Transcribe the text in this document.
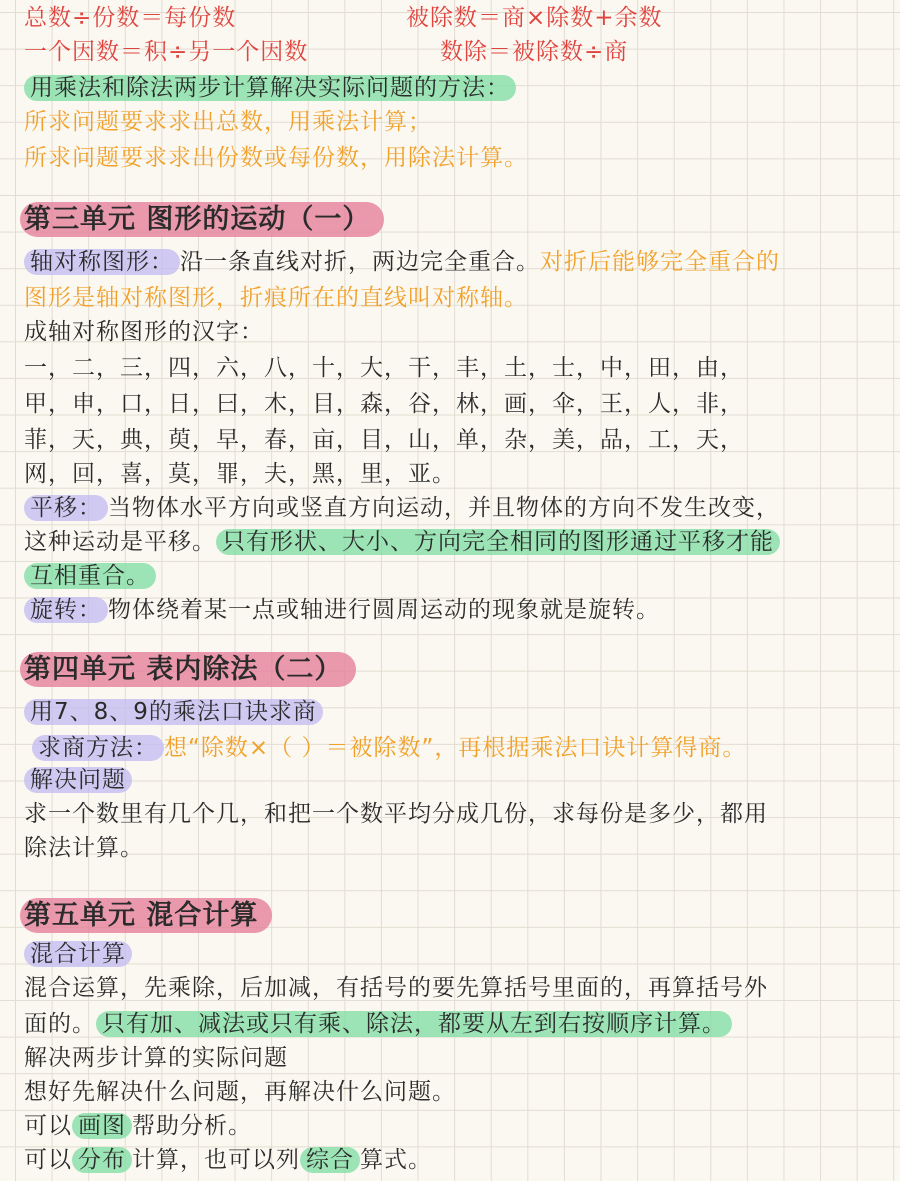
总数÷份数＝每份数	被除数＝商×除数+余数
一个因数＝积÷另一个因数	数除＝被除数÷商
用乘法和除法两步计算解决实际问题的方法：
所求问题要求求出总数，用乘法计算；
所求问题要求求出份数或每份数，用除法计算。
第三单元 图形的运动（一）
轴对称图形： 沿一条直线对折，两边完全重合。对折后能够完全重合的
图形是轴对称图形，折痕所在的直线叫对称轴。
成轴对称图形的汉字：
一，二，三，四，六，八，十，大，干，丰，土，士，中，田，由，
甲，申，口，日，曰，木，目，森，谷，林，画，伞，王，人，非，
菲，天，典，萸，早，春，亩，目，山，单，杂，美，品，工，天，
网，回，喜，莫，罪，夫，黑，里，亚。
平移： 当物体水平方向或竖直方向运动，并且物体的方向不发生改变，
这种运动是平移。 只有形状、大小、方向完全相同的图形通过平移才能
互相重合。
旋转： 物体绕着某一点或轴进行圆周运动的现象就是旋转。
第四单元 表内除法（二）
用7、8、9的乘法口诀求商
求商方法： 想“除数×（ ）＝被除数”，再根据乘法口诀计算得商。
解决问题
求一个数里有几个几，和把一个数平均分成几份，求每份是多少，都用
除法计算。
第五单元 混合计算
混合计算
混合运算，先乘除，后加减，有括号的要先算括号里面的，再算括号外
面的。 只有加、减法或只有乘、除法，都要从左到右按顺序计算。
解决两步计算的实际问题
想好先解决什么问题，再解决什么问题。
可以 画图 帮助分析。
可以 分布 计算，也可以列 综合 算式。
